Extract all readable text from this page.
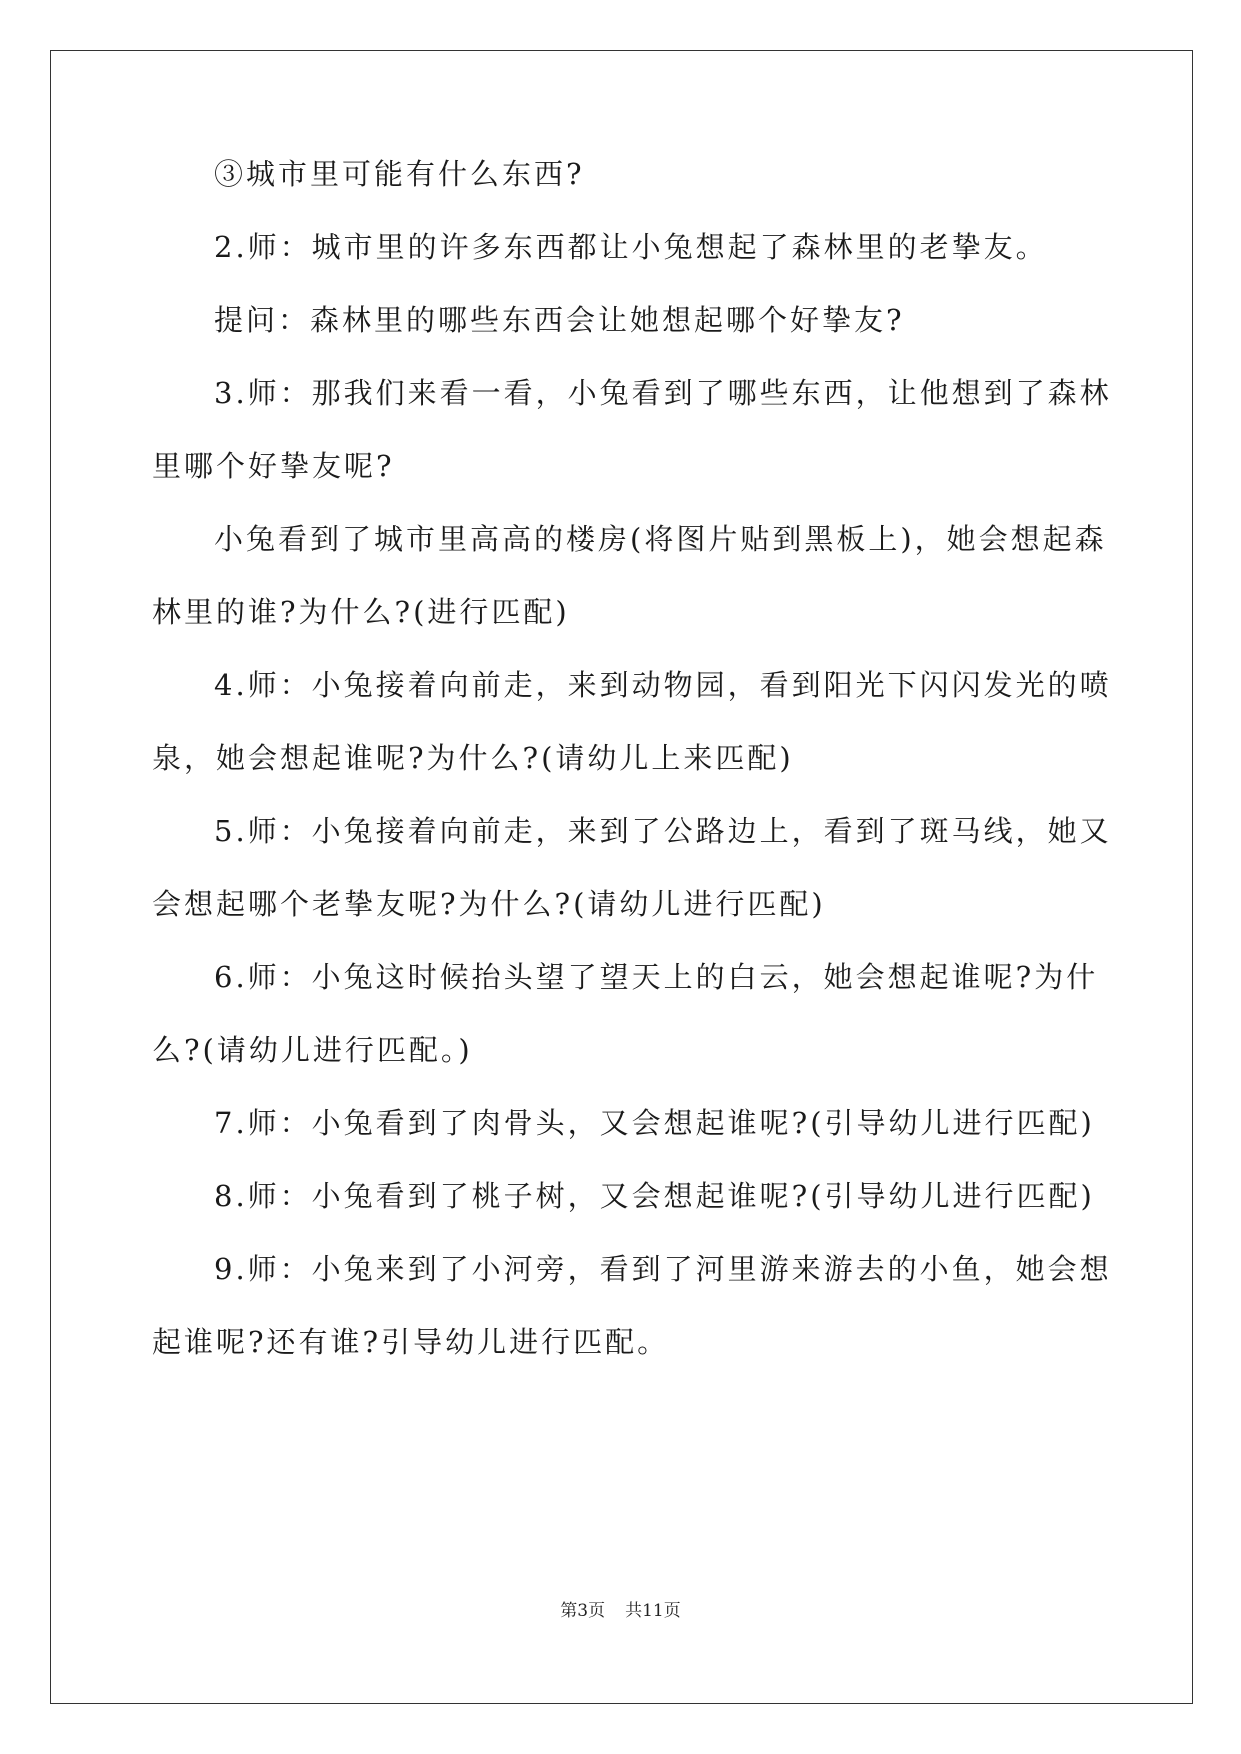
③城市里可能有什么东西?
2.师：城市里的许多东西都让小兔想起了森林里的老挚友。
提问：森林里的哪些东西会让她想起哪个好挚友?
3.师：那我们来看一看，小兔看到了哪些东西，让他想到了森林
里哪个好挚友呢?
小兔看到了城市里高高的楼房(将图片贴到黑板上)，她会想起森
林里的谁?为什么?(进行匹配)
4.师：小兔接着向前走，来到动物园，看到阳光下闪闪发光的喷
泉，她会想起谁呢?为什么?(请幼儿上来匹配)
5.师：小兔接着向前走，来到了公路边上，看到了斑马线，她又
会想起哪个老挚友呢?为什么?(请幼儿进行匹配)
6.师：小兔这时候抬头望了望天上的白云，她会想起谁呢?为什
么?(请幼儿进行匹配。)
7.师：小兔看到了肉骨头，又会想起谁呢?(引导幼儿进行匹配)
8.师：小兔看到了桃子树，又会想起谁呢?(引导幼儿进行匹配)
9.师：小兔来到了小河旁，看到了河里游来游去的小鱼，她会想
起谁呢?还有谁?引导幼儿进行匹配。
第3页 共11页
